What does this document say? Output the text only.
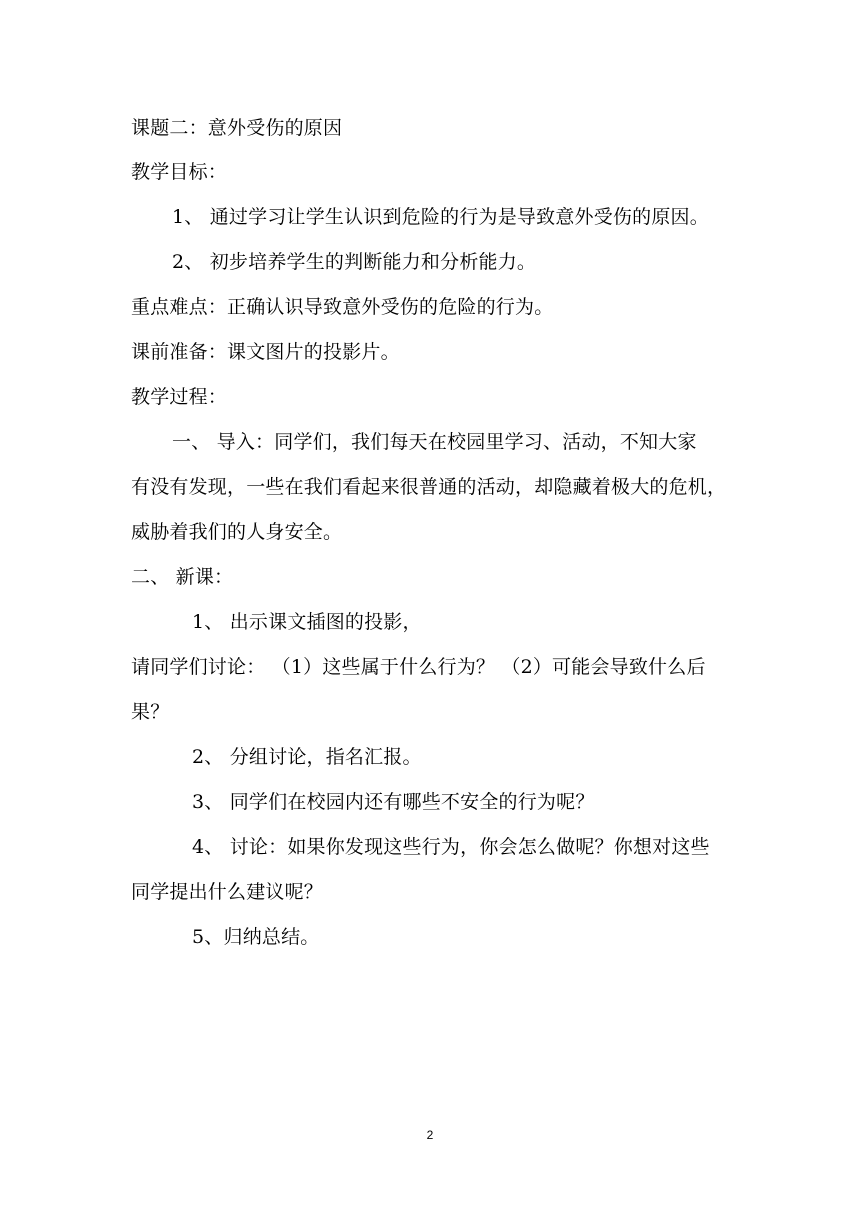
课题二：意外受伤的原因
教学目标：
1、 通过学习让学生认识到危险的行为是导致意外受伤的原因。
2、 初步培养学生的判断能力和分析能力。
重点难点：正确认识导致意外受伤的危险的行为。
课前准备：课文图片的投影片。
教学过程：
一、 导入：同学们，我们每天在校园里学习、活动，不知大家
有没有发现，一些在我们看起来很普通的活动，却隐藏着极大的危机，
威胁着我们的人身安全。
二、 新课：
1、 出示课文插图的投影，
请同学们讨论： （1）这些属于什么行为？ （2）可能会导致什么后
果？
2、 分组讨论，指名汇报。
3、 同学们在校园内还有哪些不安全的行为呢？
4、 讨论：如果你发现这些行为，你会怎么做呢？你想对这些
同学提出什么建议呢？
5、归纳总结。
2
